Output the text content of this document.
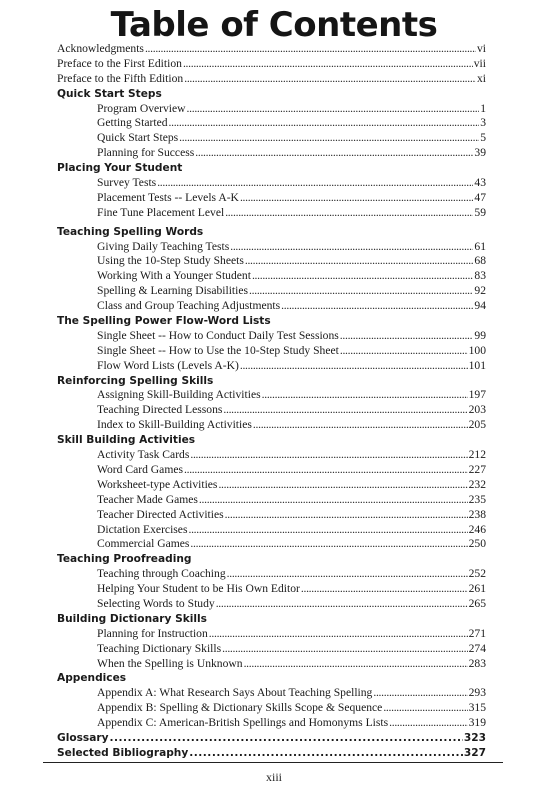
Table of Contents
Acknowledgments . . .	vi
Preface to the First Edition . . .	vii
Preface to the Fifth Edition . . .	xi
Quick Start Steps
Program Overview . . .	1
Getting Started . . .	3
Quick Start Steps . . .	5
Planning for Success . . .	39
Placing Your Student
Survey Tests . . .	43
Placement Tests -- Levels A-K . . .	47
Fine Tune Placement Level . . .	59
Teaching Spelling Words
Giving Daily Teaching Tests . . .	61
Using the 10-Step Study Sheets . . .	68
Working With a Younger Student . . .	83
Spelling & Learning Disabilities . . .	92
Class and Group Teaching Adjustments . . .	94
The Spelling Power Flow-Word Lists
Single Sheet -- How to Conduct Daily Test Sessions . . .	99
Single Sheet -- How to Use the 10-Step Study Sheet . . .	100
Flow Word Lists (Levels A-K) . . .	101
Reinforcing Spelling Skills
Assigning Skill-Building Activities . . .	197
Teaching Directed Lessons . . .	203
Index to Skill-Building Activities . . .	205
Skill Building Activities
Activity Task Cards . . .	212
Word Card Games . . .	227
Worksheet-type Activities . . .	232
Teacher Made Games . . .	235
Teacher Directed Activities . . .	238
Dictation Exercises . . .	246
Commercial Games . . .	250
Teaching Proofreading
Teaching through Coaching . . .	252
Helping Your Student to be His Own Editor . . .	261
Selecting Words to Study . . .	265
Building Dictionary Skills
Planning for Instruction . . .	271
Teaching Dictionary Skills . . .	274
When the Spelling is Unknown . . .	283
Appendices
Appendix A: What Research Says About Teaching Spelling . . .	293
Appendix B: Spelling & Dictionary Skills Scope & Sequence . . .	315
Appendix C: American-British Spellings and Homonyms Lists . . .	319
Glossary . . .	323
Selected Bibliography . . .	327
xiii
